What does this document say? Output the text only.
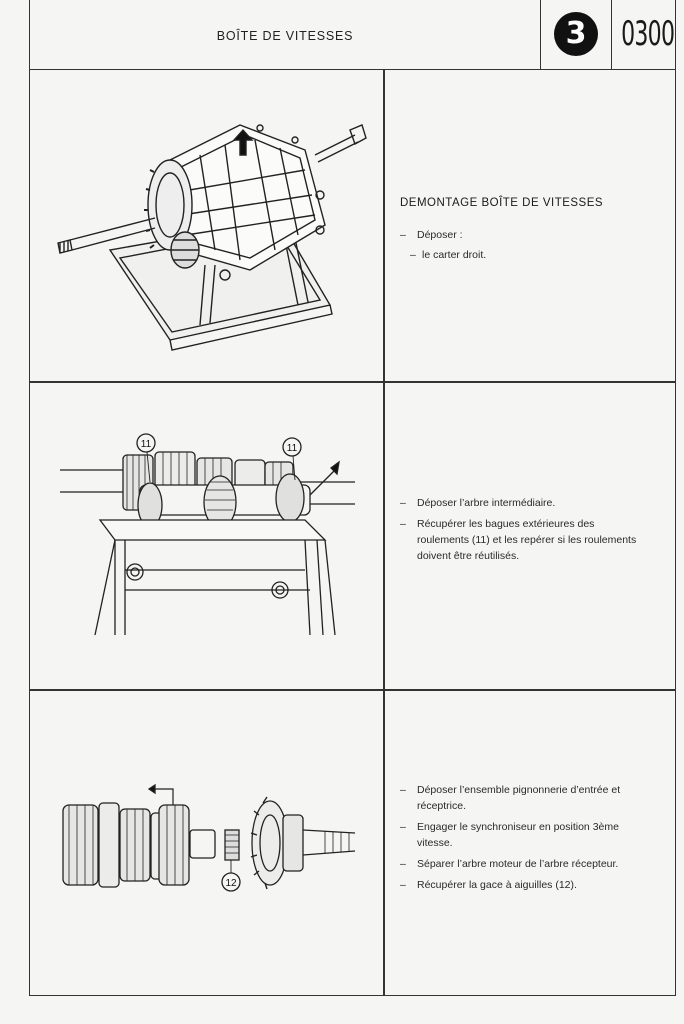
BOÎTE DE VITESSES	3	0300
DEMONTAGE BOÎTE DE VITESSES
– Déposer :
– le carter droit.
11	11
– Déposer l’arbre intermédiaire.
– Récupérer les bagues extérieures des roulements (11) et les repérer si les roulements doivent être réutilisés.
12
– Déposer l’ensemble pignonnerie d’entrée et réceptrice.
– Engager le synchroniseur en position 3ème vitesse.
– Séparer l’arbre moteur de l’arbre récepteur.
– Récupérer la gace à aiguilles (12).
